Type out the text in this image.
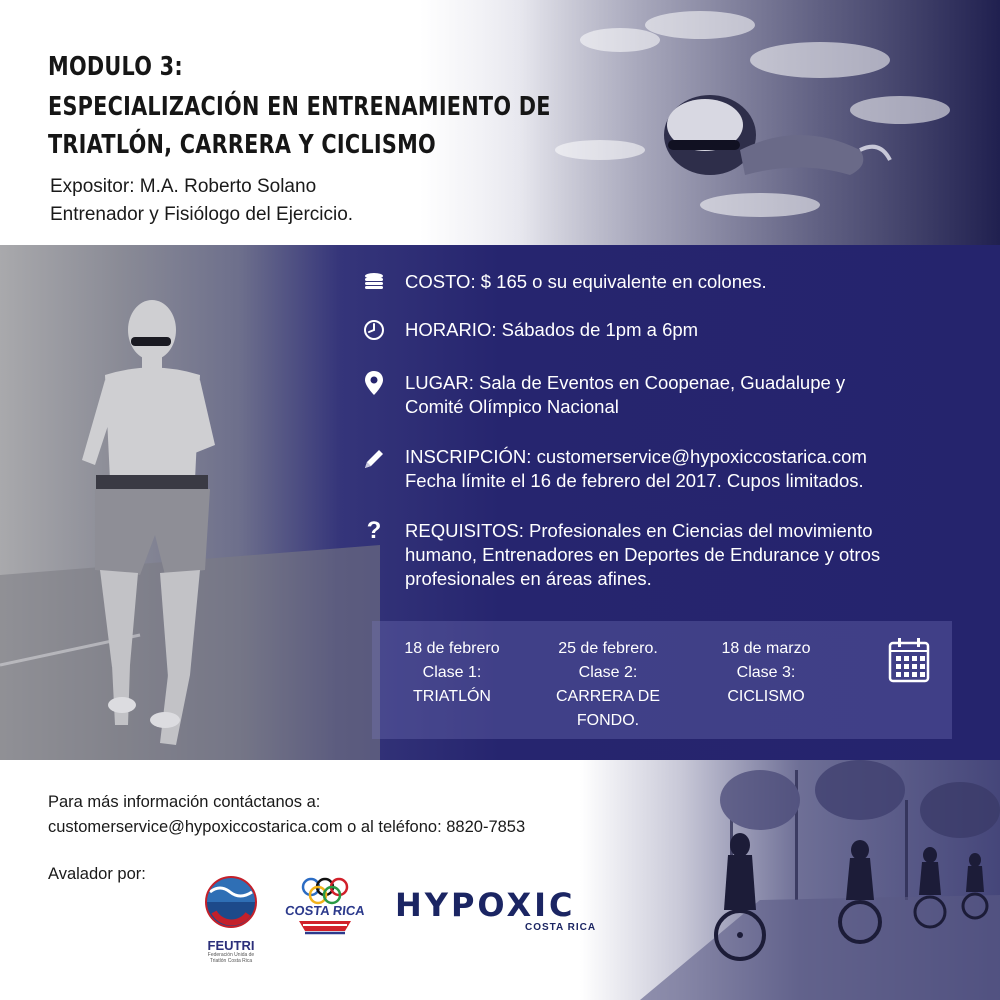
MODULO 3:
ESPECIALIZACIÓN EN ENTRENAMIENTO DE
TRIATLÓN, CARRERA Y CICLISMO
Expositor: M.A. Roberto Solano
Entrenador y Fisiólogo del Ejercicio.
COSTO: $ 165 o su equivalente en colones.
HORARIO: Sábados de 1pm a 6pm
LUGAR: Sala de Eventos en Coopenae, Guadalupe y
Comité Olímpico Nacional
INSCRIPCIÓN: customerservice@hypoxiccostarica.com
Fecha límite el 16 de febrero del 2017. Cupos limitados.
?	REQUISITOS: Profesionales en Ciencias del movimiento
humano, Entrenadores en Deportes de Endurance y otros
profesionales en áreas afines.
18 de febrero
Clase 1:
TRIATLÓN
25 de febrero.
Clase 2:
CARRERA DE
FONDO.
18 de marzo
Clase 3:
CICLISMO
Para más información contáctanos a:
customerservice@hypoxiccostarica.com o al teléfono: 8820-7853
Avalador por:
FEUTRI
Federación Unida de Triatlón Costa Rica
COSTA RICA HYPOXIC
COSTA RICA
